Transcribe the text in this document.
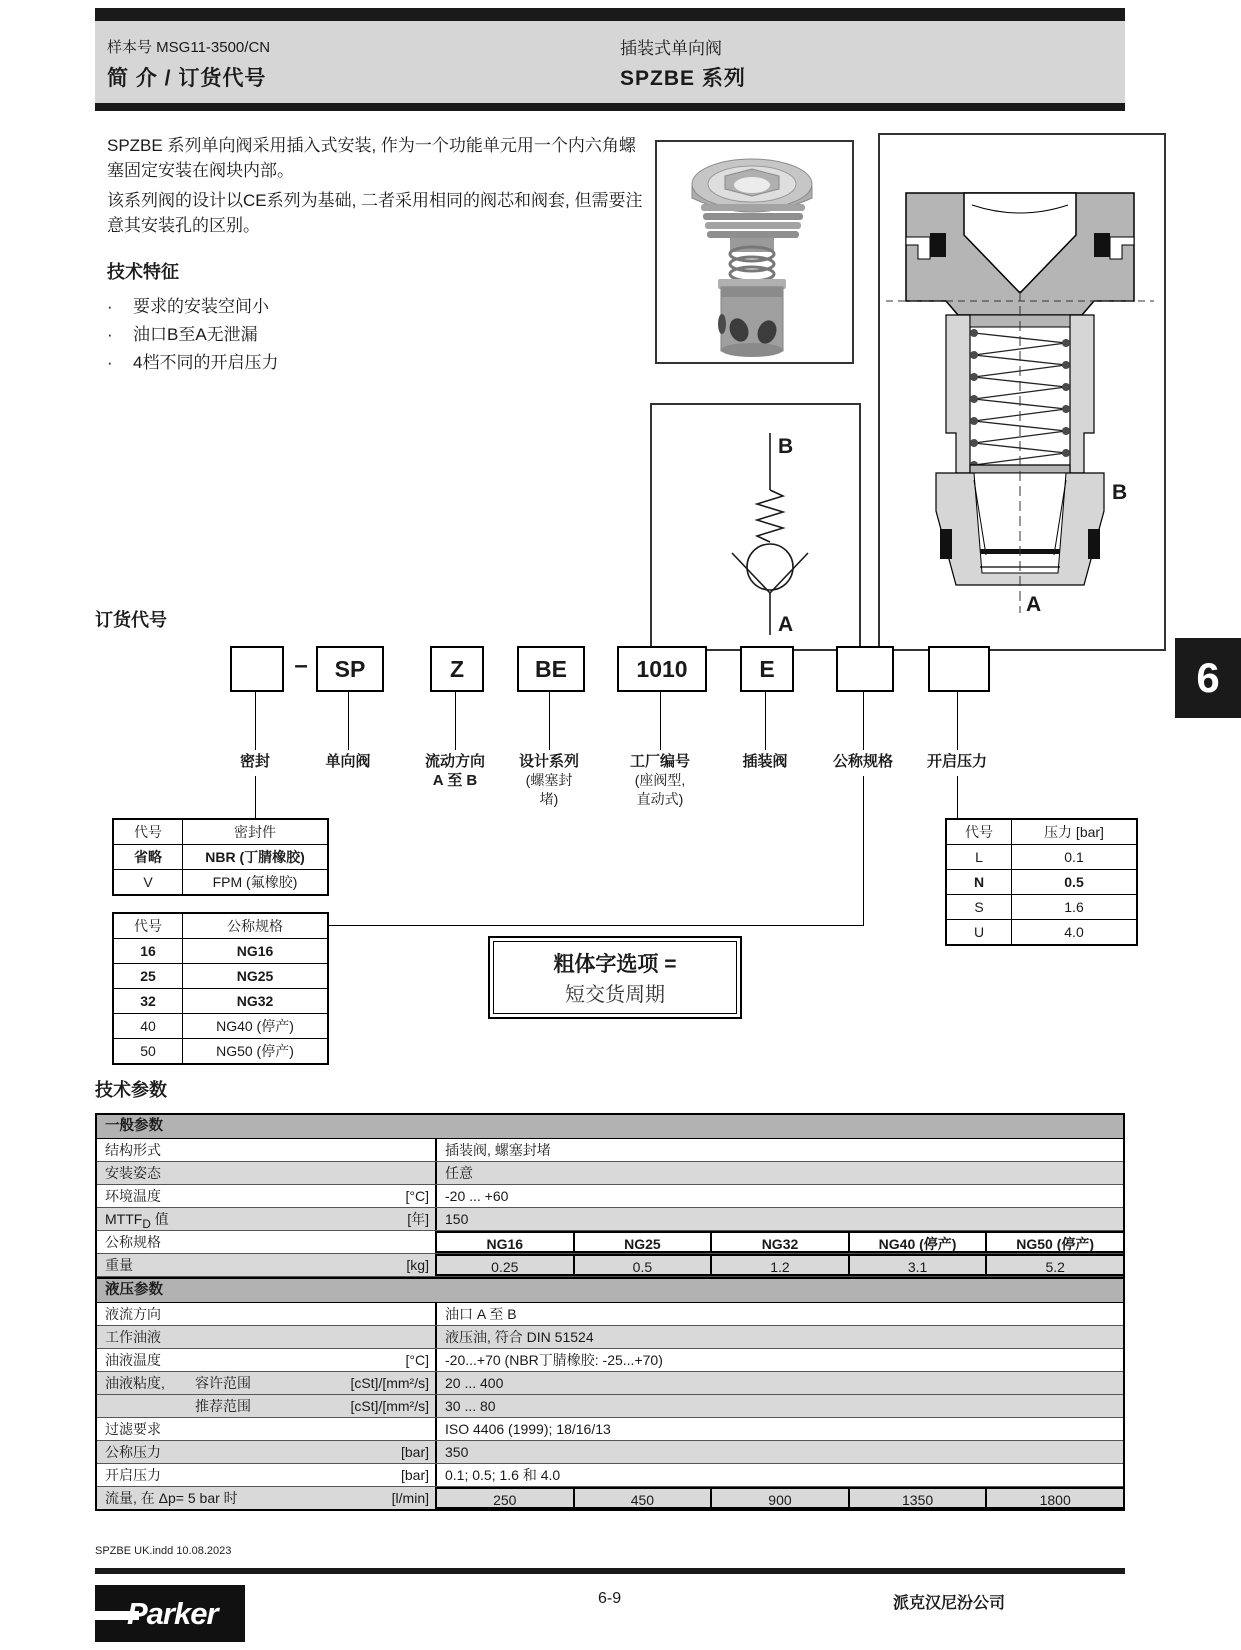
样本号 MSG11-3500/CN
简 介 / 订货代号
插装式单向阀
SPZBE 系列
SPZBE 系列单向阀采用插入式安装, 作为一个功能单元用一个内六角螺塞固定安装在阀块内部。
该系列阀的设计以CE系列为基础, 二者采用相同的阀芯和阀套, 但需要注意其安装孔的区别。
技术特征
· 要求的安装空间小
· 油口B至A无泄漏
· 4档不同的开启压力
B
A
B
A
6
订货代号
–	SP	Z	BE	1010	E
密封	单向阀	流动方向
A 至 B
设计系列
(螺塞封
堵)
工厂编号
(座阀型,
直动式)
插装阀	公称规格	开启压力
代号	密封件
省略	NBR (丁腈橡胶)
V	FPM (氟橡胶)
代号	公称规格
16	NG16
25	NG25
32	NG32
40	NG40 (停产)
50	NG50 (停产)
代号	压力 [bar]
L	0.1
N	0.5
S	1.6
U	4.0
粗体字选项 =
短交货周期
技术参数
一般参数
结构形式	插装阀, 螺塞封堵
安装姿态	任意
环境温度	[°C]	-20 ... +60
$MTTF_D$ 值	[年]	150
公称规格	NG16	NG25	NG32	NG40 (停产)	NG50 (停产)
重量	[kg]	0.25	0.5	1.2	3.1	5.2
液压参数
液流方向	油口 A 至 B
工作油液	液压油, 符合 DIN 51524
油液温度	[°C]	-20...+70 (NBR丁腈橡胶: -25...+70)
油液粘度, 容许范围	[cSt]/[mm²/s]	20 ... 400
推荐范围	[cSt]/[mm²/s]	30 ... 80
过滤要求	ISO 4406 (1999); 18/16/13
公称压力	[bar]	350
开启压力	[bar]	0.1; 0.5; 1.6 和 4.0
流量, 在 Δp= 5 bar 时	[l/min]	250	450	900	1350	1800
SPZBE UK.indd 10.08.2023
Parker	6-9	派克汉尼汾公司
